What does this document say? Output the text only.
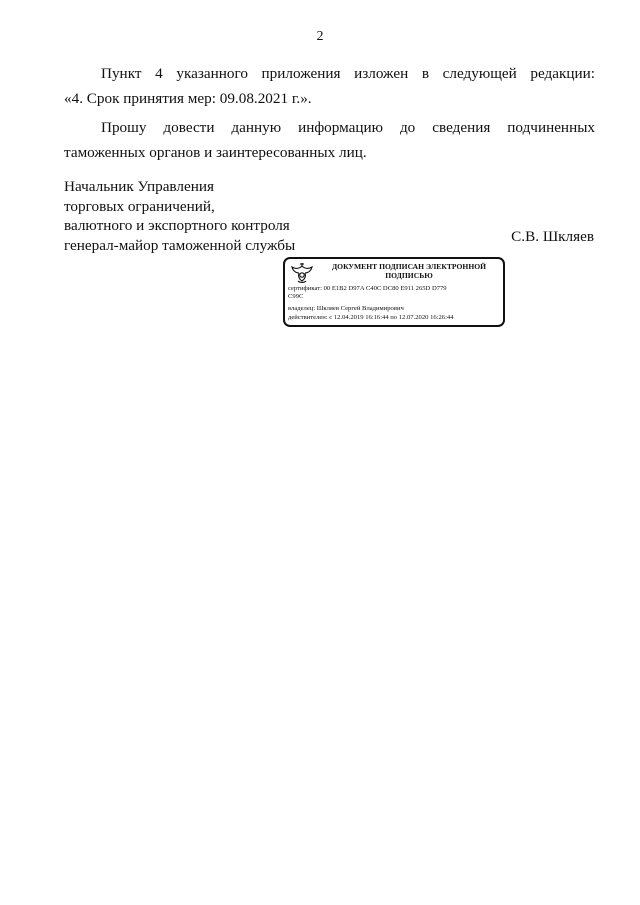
2
Пункт 4 указанного приложения изложен в следующей редакции:
«4. Срок принятия мер: 09.08.2021 г.».
Прошу довести данную информацию до сведения подчиненных
таможенных органов и заинтересованных лиц.
Начальник Управления
торговых ограничений,
валютного и экспортного контроля
генерал-майор таможенной службы	С.В. Шкляев
ДОКУМЕНТ ПОДПИСАН ЭЛЕКТРОННОЙ
ПОДПИСЬЮ
сертификат: 00 E1B2 D97A C40C DC80 E911 265D D779
C99C
владелец: Шкляев Сергей Владимирович
действителен: с 12.04.2019 16:16:44 по 12.07.2020 16:26:44
